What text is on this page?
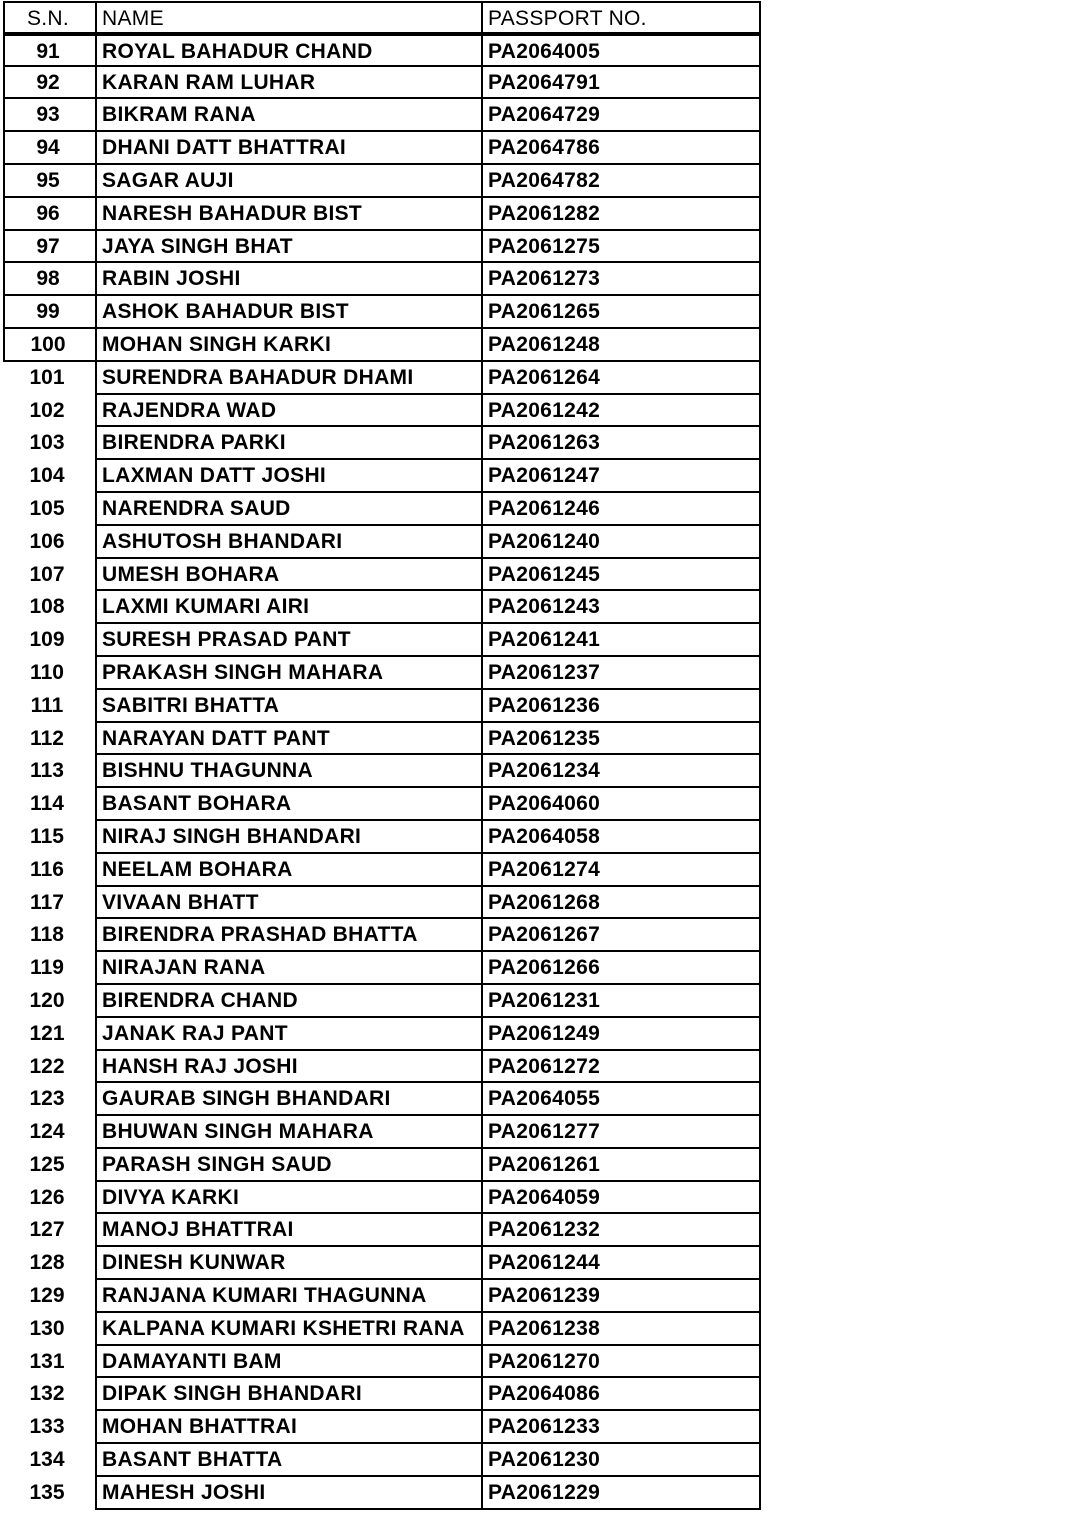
S.N.	NAME	PASSPORT NO.
91	ROYAL BAHADUR CHAND	PA2064005
92	KARAN RAM LUHAR	PA2064791
93	BIKRAM RANA	PA2064729
94	DHANI DATT BHATTRAI	PA2064786
95	SAGAR AUJI	PA2064782
96	NARESH BAHADUR BIST	PA2061282
97	JAYA SINGH BHAT	PA2061275
98	RABIN JOSHI	PA2061273
99	ASHOK BAHADUR BIST	PA2061265
100	MOHAN SINGH KARKI	PA2061248
101	SURENDRA BAHADUR DHAMI	PA2061264
102	RAJENDRA WAD	PA2061242
103	BIRENDRA PARKI	PA2061263
104	LAXMAN DATT JOSHI	PA2061247
105	NARENDRA SAUD	PA2061246
106	ASHUTOSH BHANDARI	PA2061240
107	UMESH BOHARA	PA2061245
108	LAXMI KUMARI AIRI	PA2061243
109	SURESH PRASAD PANT	PA2061241
110	PRAKASH SINGH MAHARA	PA2061237
111	SABITRI BHATTA	PA2061236
112	NARAYAN DATT PANT	PA2061235
113	BISHNU THAGUNNA	PA2061234
114	BASANT BOHARA	PA2064060
115	NIRAJ SINGH BHANDARI	PA2064058
116	NEELAM BOHARA	PA2061274
117	VIVAAN BHATT	PA2061268
118	BIRENDRA PRASHAD BHATTA	PA2061267
119	NIRAJAN RANA	PA2061266
120	BIRENDRA CHAND	PA2061231
121	JANAK RAJ PANT	PA2061249
122	HANSH RAJ JOSHI	PA2061272
123	GAURAB SINGH BHANDARI	PA2064055
124	BHUWAN SINGH MAHARA	PA2061277
125	PARASH SINGH SAUD	PA2061261
126	DIVYA KARKI	PA2064059
127	MANOJ BHATTRAI	PA2061232
128	DINESH KUNWAR	PA2061244
129	RANJANA KUMARI THAGUNNA	PA2061239
130	KALPANA KUMARI KSHETRI RANA	PA2061238
131	DAMAYANTI BAM	PA2061270
132	DIPAK SINGH BHANDARI	PA2064086
133	MOHAN BHATTRAI	PA2061233
134	BASANT BHATTA	PA2061230
135	MAHESH JOSHI	PA2061229
